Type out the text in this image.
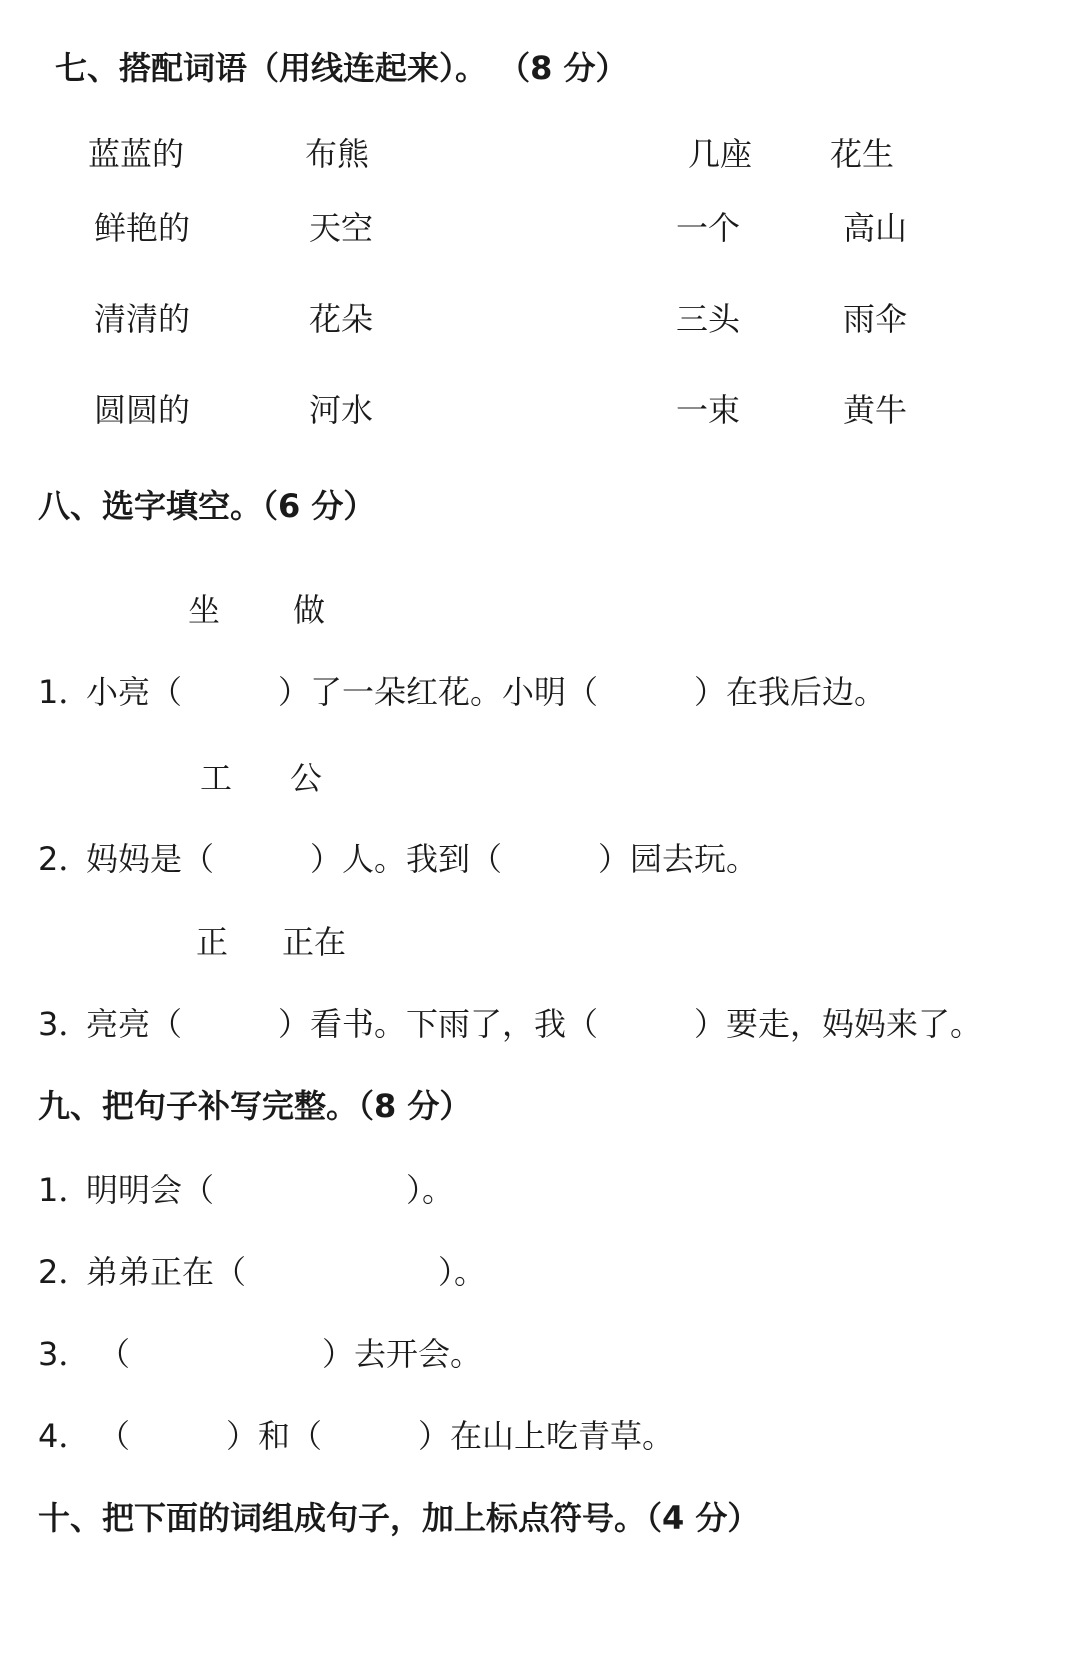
七、搭配词语（用线连起来）。 （8 分）
蓝蓝的	布熊	几座 花生
鲜艳的	天空	一个	高山
清清的	花朵	三头	雨伞
圆圆的	河水	一束	黄牛
八、选字填空。（6 分）
坐 做
1．
小亮（　　　）了一朵红花。小明（　　　）在我后边。
工 公
2．
妈妈是（　　　）人。我到（　　　）园去玩。
正 正在
3．
亮亮（　　　）看书。下雨了，我（　　　）要走，妈妈来了。
九、把句子补写完整。（8 分）
1．
明明会（　　　　　　）。
2．
弟弟正在（　　　　　　）。
3． （　　　　　　）去开会。
4． （　　　）和（　　　）在山上吃青草。
十、把下面的词组成句子，加上标点符号。（4 分）
